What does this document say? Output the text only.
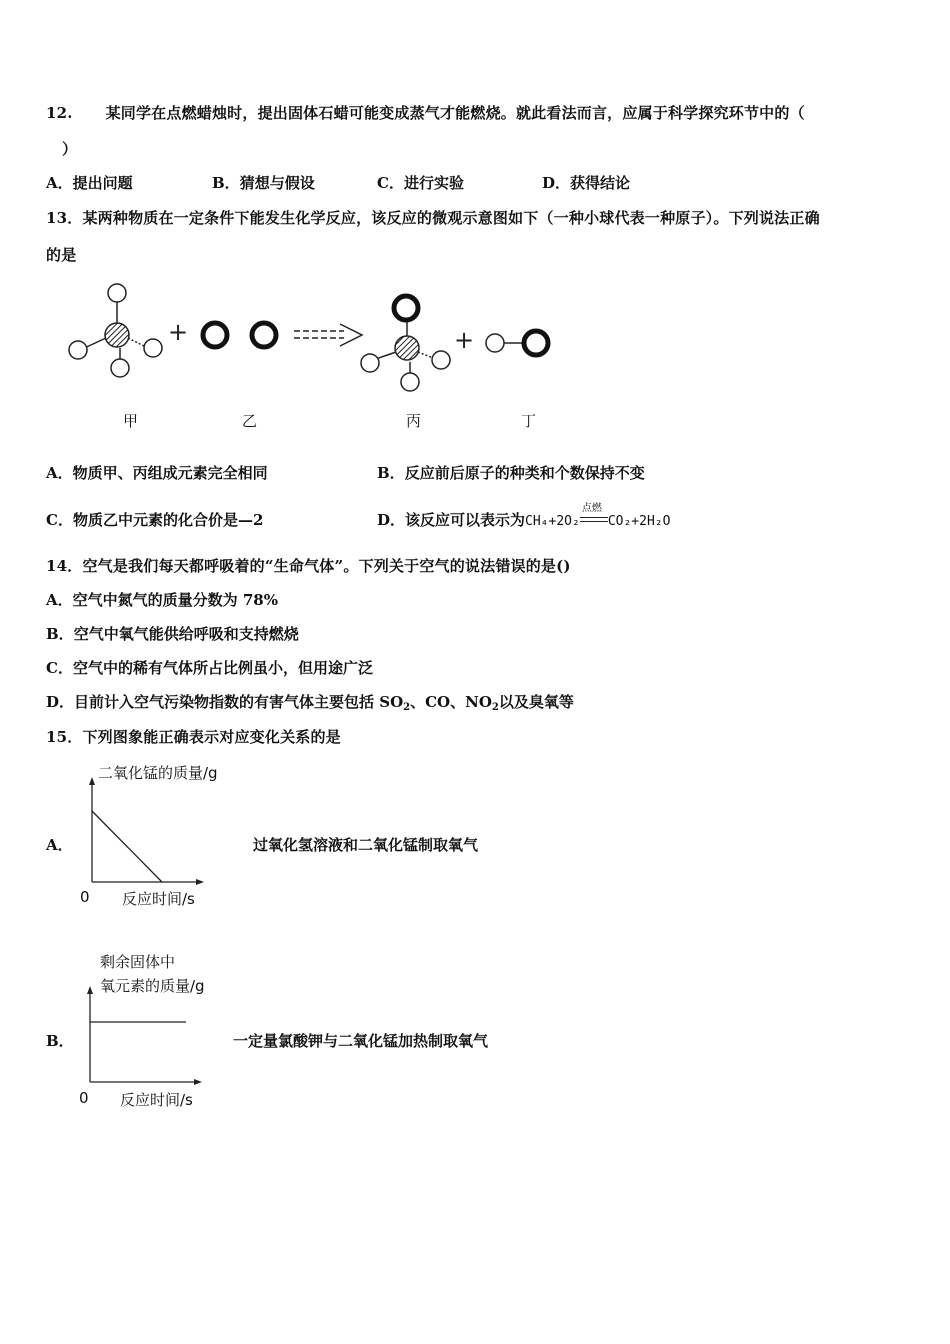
12. 某同学在点燃蜡烛时，提出固体石蜡可能变成蒸气才能燃烧。就此看法而言，应属于科学探究环节中的（
）
A．提出问题	B．猜想与假设	C．进行实验	D．获得结论
13．某两种物质在一定条件下能发生化学反应，该反应的微观示意图如下（一种小球代表一种原子）。下列说法正确
的是
+	+
甲	乙	丙	丁
A．物质甲、丙组成元素完全相同	B．反应前后原子的种类和个数保持不变
C．物质乙中元素的化合价是—2	D．该反应可以表示为CH₄+2O₂
点燃
CO₂+2H₂O
14．空气是我们每天都呼吸着的“生命气体”。下列关于空气的说法错误的是()
A．空气中氮气的质量分数为 78%
B．空气中氧气能供给呼吸和支持燃烧
C．空气中的稀有气体所占比例虽小，但用途广泛
D．目前计入空气污染物指数的有害气体主要包括 $SO_2$、CO、$NO_2$以及臭氧等
15．下列图象能正确表示对应变化关系的是
A．
二氧化锰的质量/g
0 反应时间/s
过氧化氢溶液和二氧化锰制取氧气
B．
剩余固体中
氧元素的质量/g
0 反应时间/s
一定量氯酸钾与二氧化锰加热制取氧气
